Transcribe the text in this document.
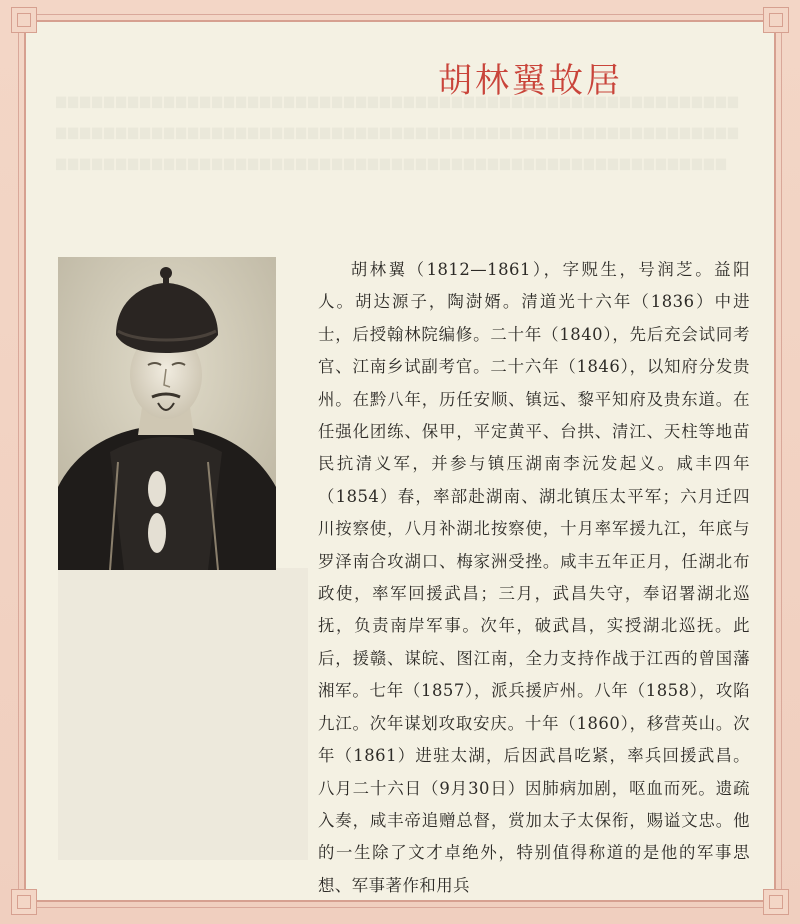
▆▆▆▆▆▆▆▆▆▆▆▆▆▆▆▆▆▆▆▆▆▆▆▆▆▆▆▆▆▆▆▆▆▆▆▆▆▆▆▆▆▆▆▆▆▆▆▆▆▆▆▆▆▆▆▆▆▆▆▆▆▆▆▆▆▆▆▆▆▆▆▆▆▆▆▆▆▆▆▆▆▆▆▆▆▆▆▆▆▆▆▆▆▆▆▆▆▆▆▆▆▆▆▆▆▆▆▆▆▆▆▆▆▆▆▆▆▆▆▆▆▆▆▆▆▆▆▆▆▆▆▆▆▆▆▆▆▆▆▆▆▆▆▆▆▆▆▆▆▆▆▆▆▆▆▆▆▆▆▆▆▆▆▆▆▆▆▆▆▆
胡林翼故居

胡林翼（1812—1861），字贶生，号润芝。益阳人。胡达源子，陶澍婿。清道光十六年（1836）中进士，后授翰林院编修。二十年（1840），先后充会试同考官、江南乡试副考官。二十六年（1846），以知府分发贵州。在黔八年，历任安顺、镇远、黎平知府及贵东道。在任强化团练、保甲，平定黄平、台拱、清江、天柱等地苗民抗清义军，并参与镇压湖南李沅发起义。咸丰四年（1854）春，率部赴湖南、湖北镇压太平军；六月迁四川按察使，八月补湖北按察使，十月率军援九江，年底与罗泽南合攻湖口、梅家洲受挫。咸丰五年正月，任湖北布政使，率军回援武昌；三月，武昌失守，奉诏署湖北巡抚，负责南岸军事。次年，破武昌，实授湖北巡抚。此后，援赣、谋皖、图江南，全力支持作战于江西的曾国藩湘军。七年（1857），派兵援庐州。八年（1858），攻陷九江。次年谋划攻取安庆。十年（1860），移营英山。次年（1861）进驻太湖，后因武昌吃紧，率兵回援武昌。八月二十六日（9月30日）因肺病加剧，呕血而死。遗疏入奏，咸丰帝追赠总督，赏加太子太保衔，赐谥文忠。他的一生除了文才卓绝外，特别值得称道的是他的军事思想、军事著作和用兵
